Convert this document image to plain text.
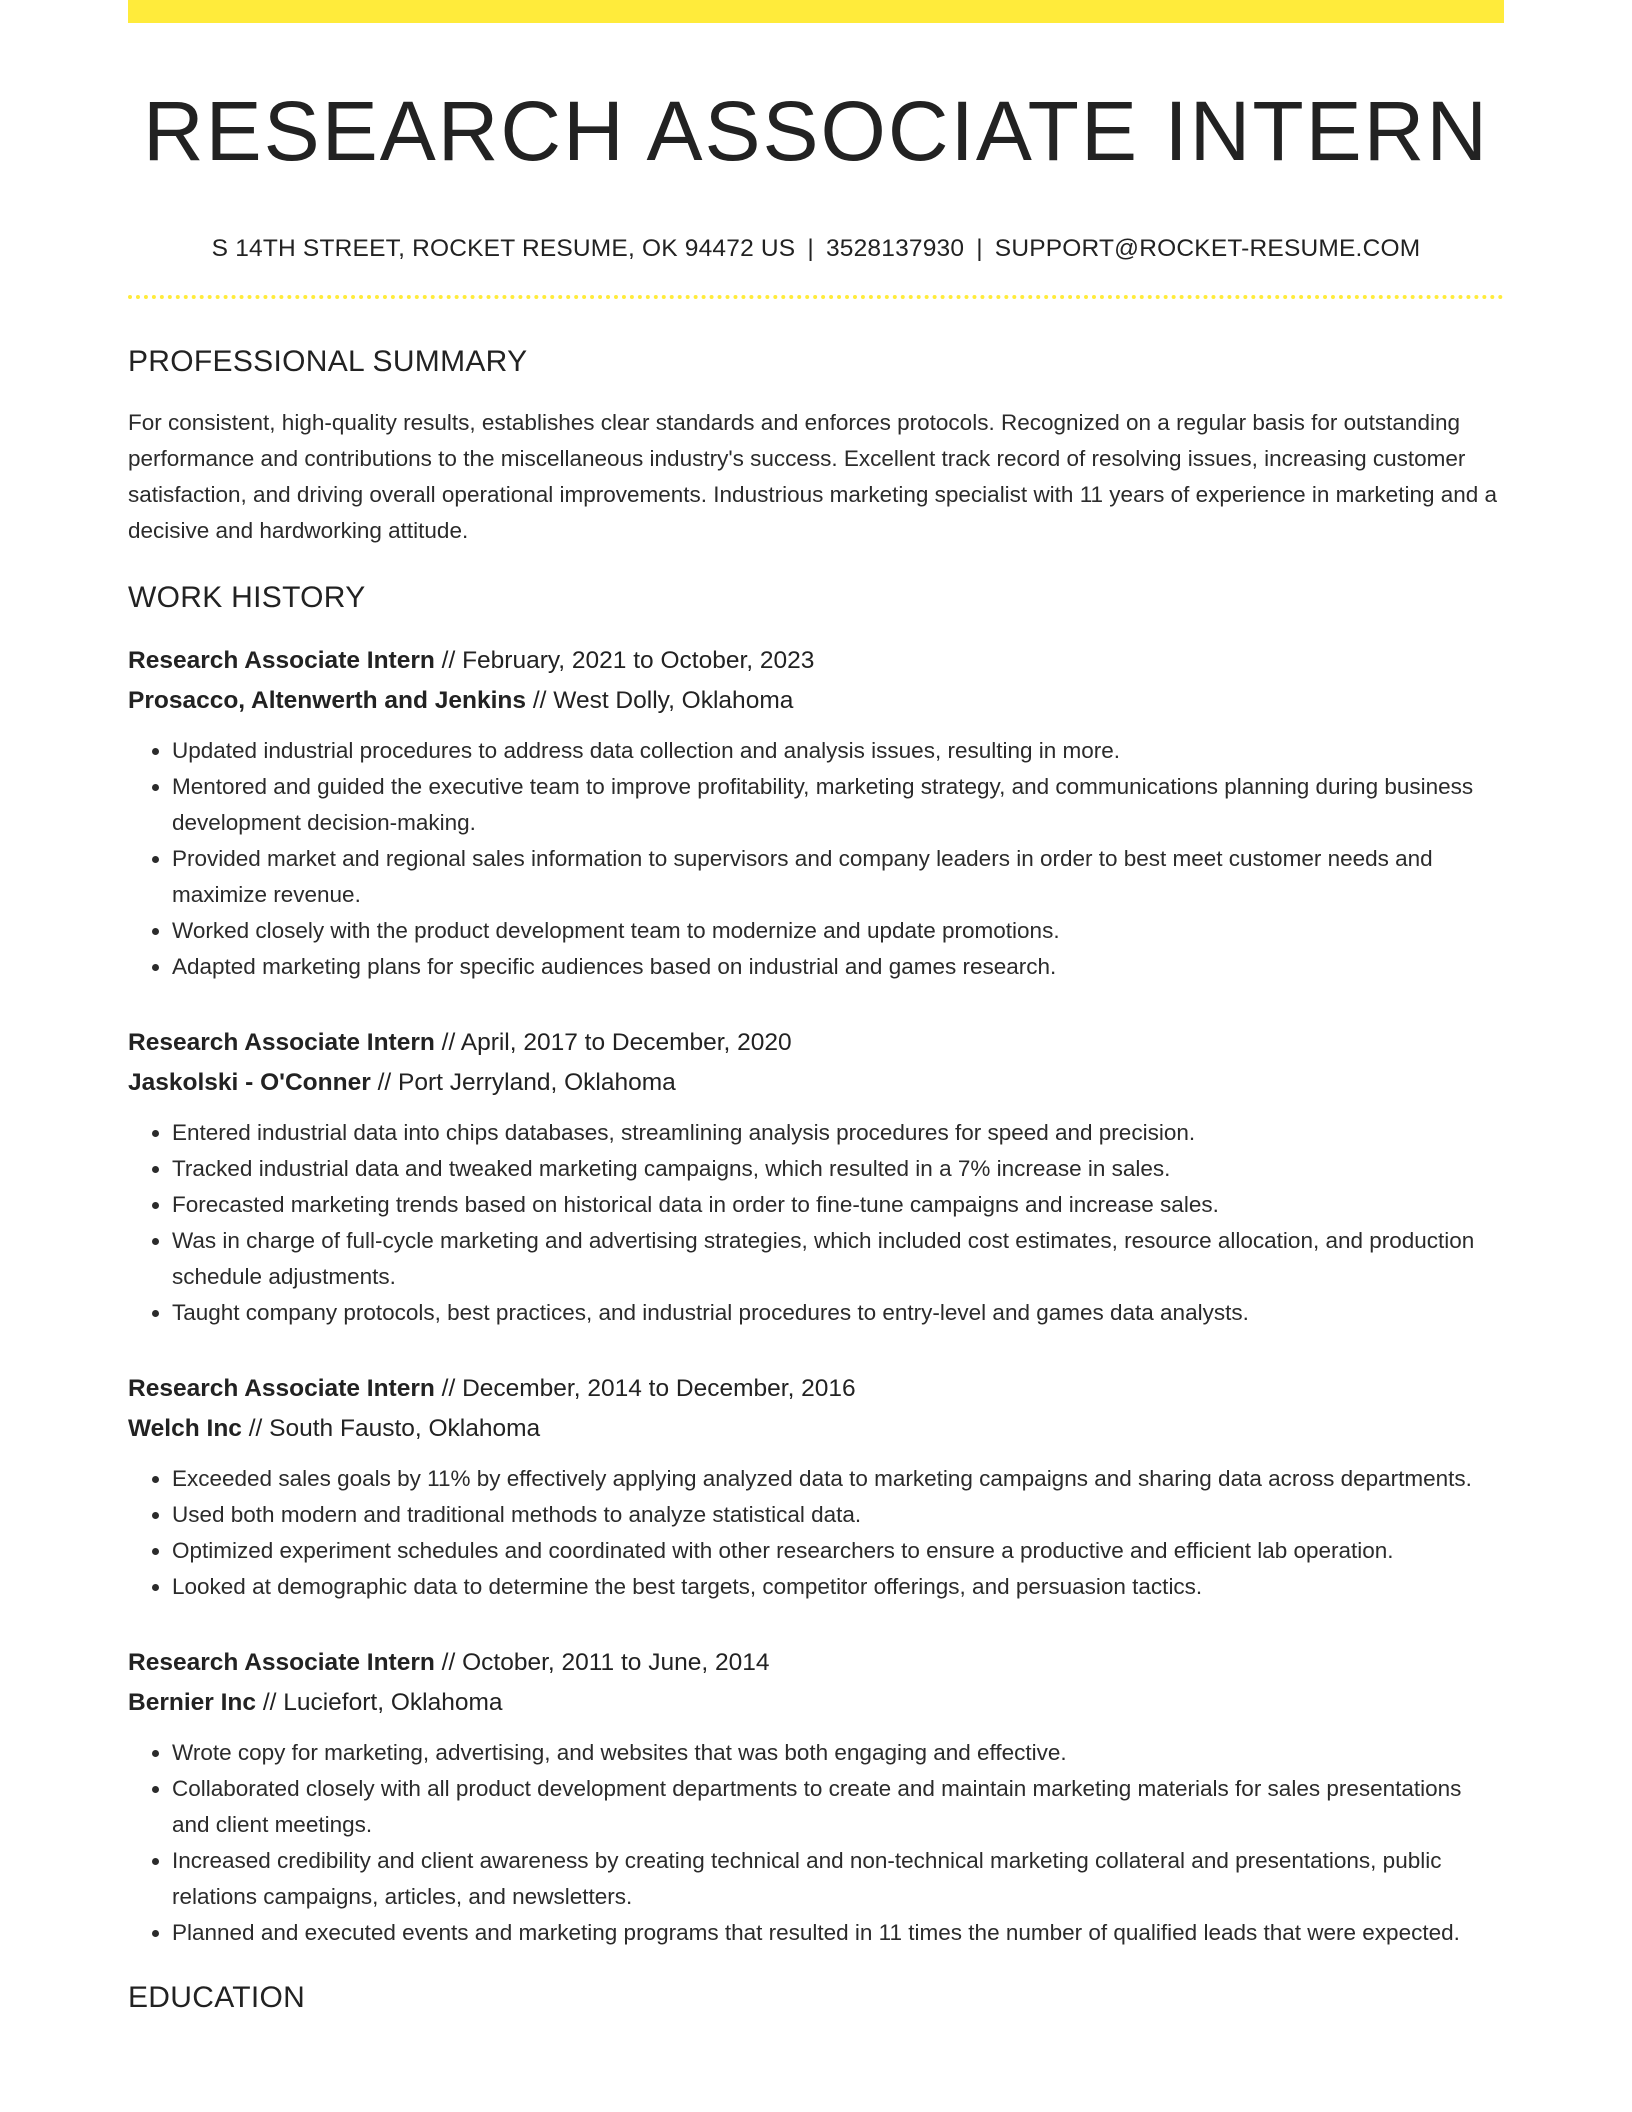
RESEARCH ASSOCIATE INTERN
S 14TH STREET, ROCKET RESUME, OK 94472 US | 3528137930 | SUPPORT@ROCKET-RESUME.COM
PROFESSIONAL SUMMARY

For consistent, high-quality results, establishes clear standards and enforces protocols. Recognized on a regular basis for outstanding performance and contributions to the miscellaneous industry's success. Excellent track record of resolving issues, increasing customer satisfaction, and driving overall operational improvements. Industrious marketing specialist with 11 years of experience in marketing and a decisive and hardworking attitude.

WORK HISTORY
Research Associate Intern // February, 2021 to October, 2023
Prosacco, Altenwerth and Jenkins // West Dolly, Oklahoma
• Updated industrial procedures to address data collection and analysis issues, resulting in more.
• Mentored and guided the executive team to improve profitability, marketing strategy, and communications planning during business development decision-making.
• Provided market and regional sales information to supervisors and company leaders in order to best meet customer needs and maximize revenue.
• Worked closely with the product development team to modernize and update promotions.
• Adapted marketing plans for specific audiences based on industrial and games research.
Research Associate Intern // April, 2017 to December, 2020
Jaskolski - O'Conner // Port Jerryland, Oklahoma
• Entered industrial data into chips databases, streamlining analysis procedures for speed and precision.
• Tracked industrial data and tweaked marketing campaigns, which resulted in a 7% increase in sales.
• Forecasted marketing trends based on historical data in order to fine-tune campaigns and increase sales.
• Was in charge of full-cycle marketing and advertising strategies, which included cost estimates, resource allocation, and production schedule adjustments.
• Taught company protocols, best practices, and industrial procedures to entry-level and games data analysts.
Research Associate Intern // December, 2014 to December, 2016
Welch Inc // South Fausto, Oklahoma
• Exceeded sales goals by 11% by effectively applying analyzed data to marketing campaigns and sharing data across departments.
• Used both modern and traditional methods to analyze statistical data.
• Optimized experiment schedules and coordinated with other researchers to ensure a productive and efficient lab operation.
• Looked at demographic data to determine the best targets, competitor offerings, and persuasion tactics.
Research Associate Intern // October, 2011 to June, 2014
Bernier Inc // Luciefort, Oklahoma
• Wrote copy for marketing, advertising, and websites that was both engaging and effective.
• Collaborated closely with all product development departments to create and maintain marketing materials for sales presentations and client meetings.
• Increased credibility and client awareness by creating technical and non-technical marketing collateral and presentations, public relations campaigns, articles, and newsletters.
• Planned and executed events and marketing programs that resulted in 11 times the number of qualified leads that were expected.
EDUCATION
